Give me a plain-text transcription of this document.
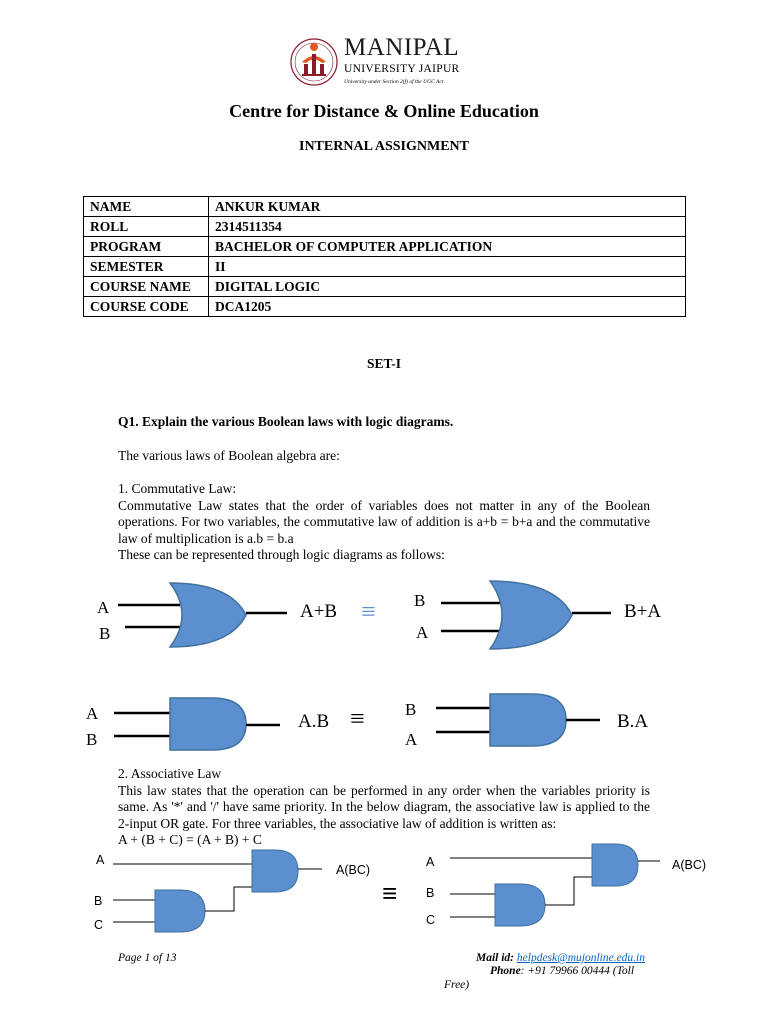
MANIPAL
UNIVERSITY JAIPUR
University under Section 2(f) of the UGC Act
Centre for Distance & Online Education
INTERNAL ASSIGNMENT
NAME	ANKUR KUMAR
ROLL	2314511354
PROGRAM	BACHELOR OF COMPUTER APPLICATION
SEMESTER	II
COURSE NAME	DIGITAL LOGIC
COURSE CODE	DCA1205
SET-I
Q1. Explain the various Boolean laws with logic diagrams.
The various laws of Boolean algebra are:
1. Commutative Law:
Commutative Law states that the order of variables does not matter in any of the Boolean operations. For two variables, the commutative law of addition is a+b = b+a and the commutative law of multiplication is a.b = b.a
These can be represented through logic diagrams as follows:
A
B
A+B ≡ B
A
B+A
A
B
A.B ≡ B
A
B.A
2. Associative Law
This law states that the operation can be performed in any order when the variables priority is same. As '*' and '/' have same priority. In the below diagram, the associative law is applied to the 2-input OR gate. For three variables, the associative law of addition is written as:
A + (B + C) = (A + B) + C
A
B
C
A(BC)
≡
A
B
C
A(BC)
Page 1 of 13	Mail id: helpdesk@mujonline.edu.in
Phone: +91 79966 00444 (Toll
Free)
